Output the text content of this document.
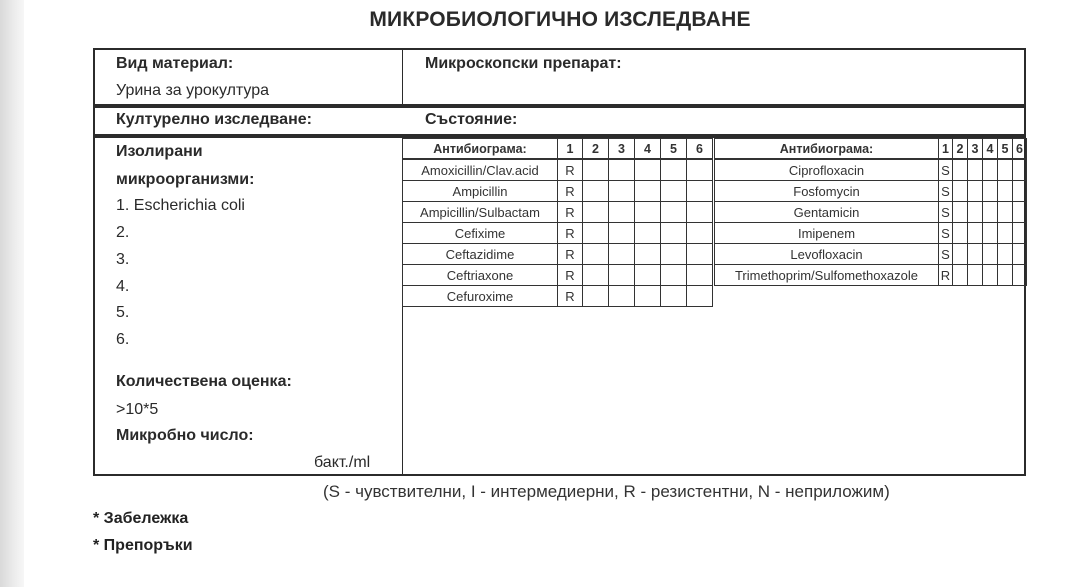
МИКРОБИОЛОГИЧНО ИЗСЛЕДВАНЕ
Вид материал:
Урина за урокултура
Микроскопски препарат:
Културелно изследване:	Състояние:
Изолирани
микроорганизми:
1. Escherichia coli
2.
3.
4.
5.
6.
Количествена оценка:
>10*5
Микробно число:
бакт./ml
Антибиограма:	1	2	3	4	5	6
Amoxicillin/Clav.acid	R					
Ampicillin	R					
Ampicillin/Sulbactam	R					
Cefixime	R					
Ceftazidime	R					
Ceftriaxone	R					
Cefuroxime	R					
Антибиограма:	1	2	3	4	5	6
Ciprofloxacin	S					
Fosfomycin	S					
Gentamicin	S					
Imipenem	S					
Levofloxacin	S					
Trimethoprim/Sulfomethoxazole	R					
(S - чувствителни, I - интермедиерни, R - резистентни, N - неприложим)
* Забележка
* Препоръки
